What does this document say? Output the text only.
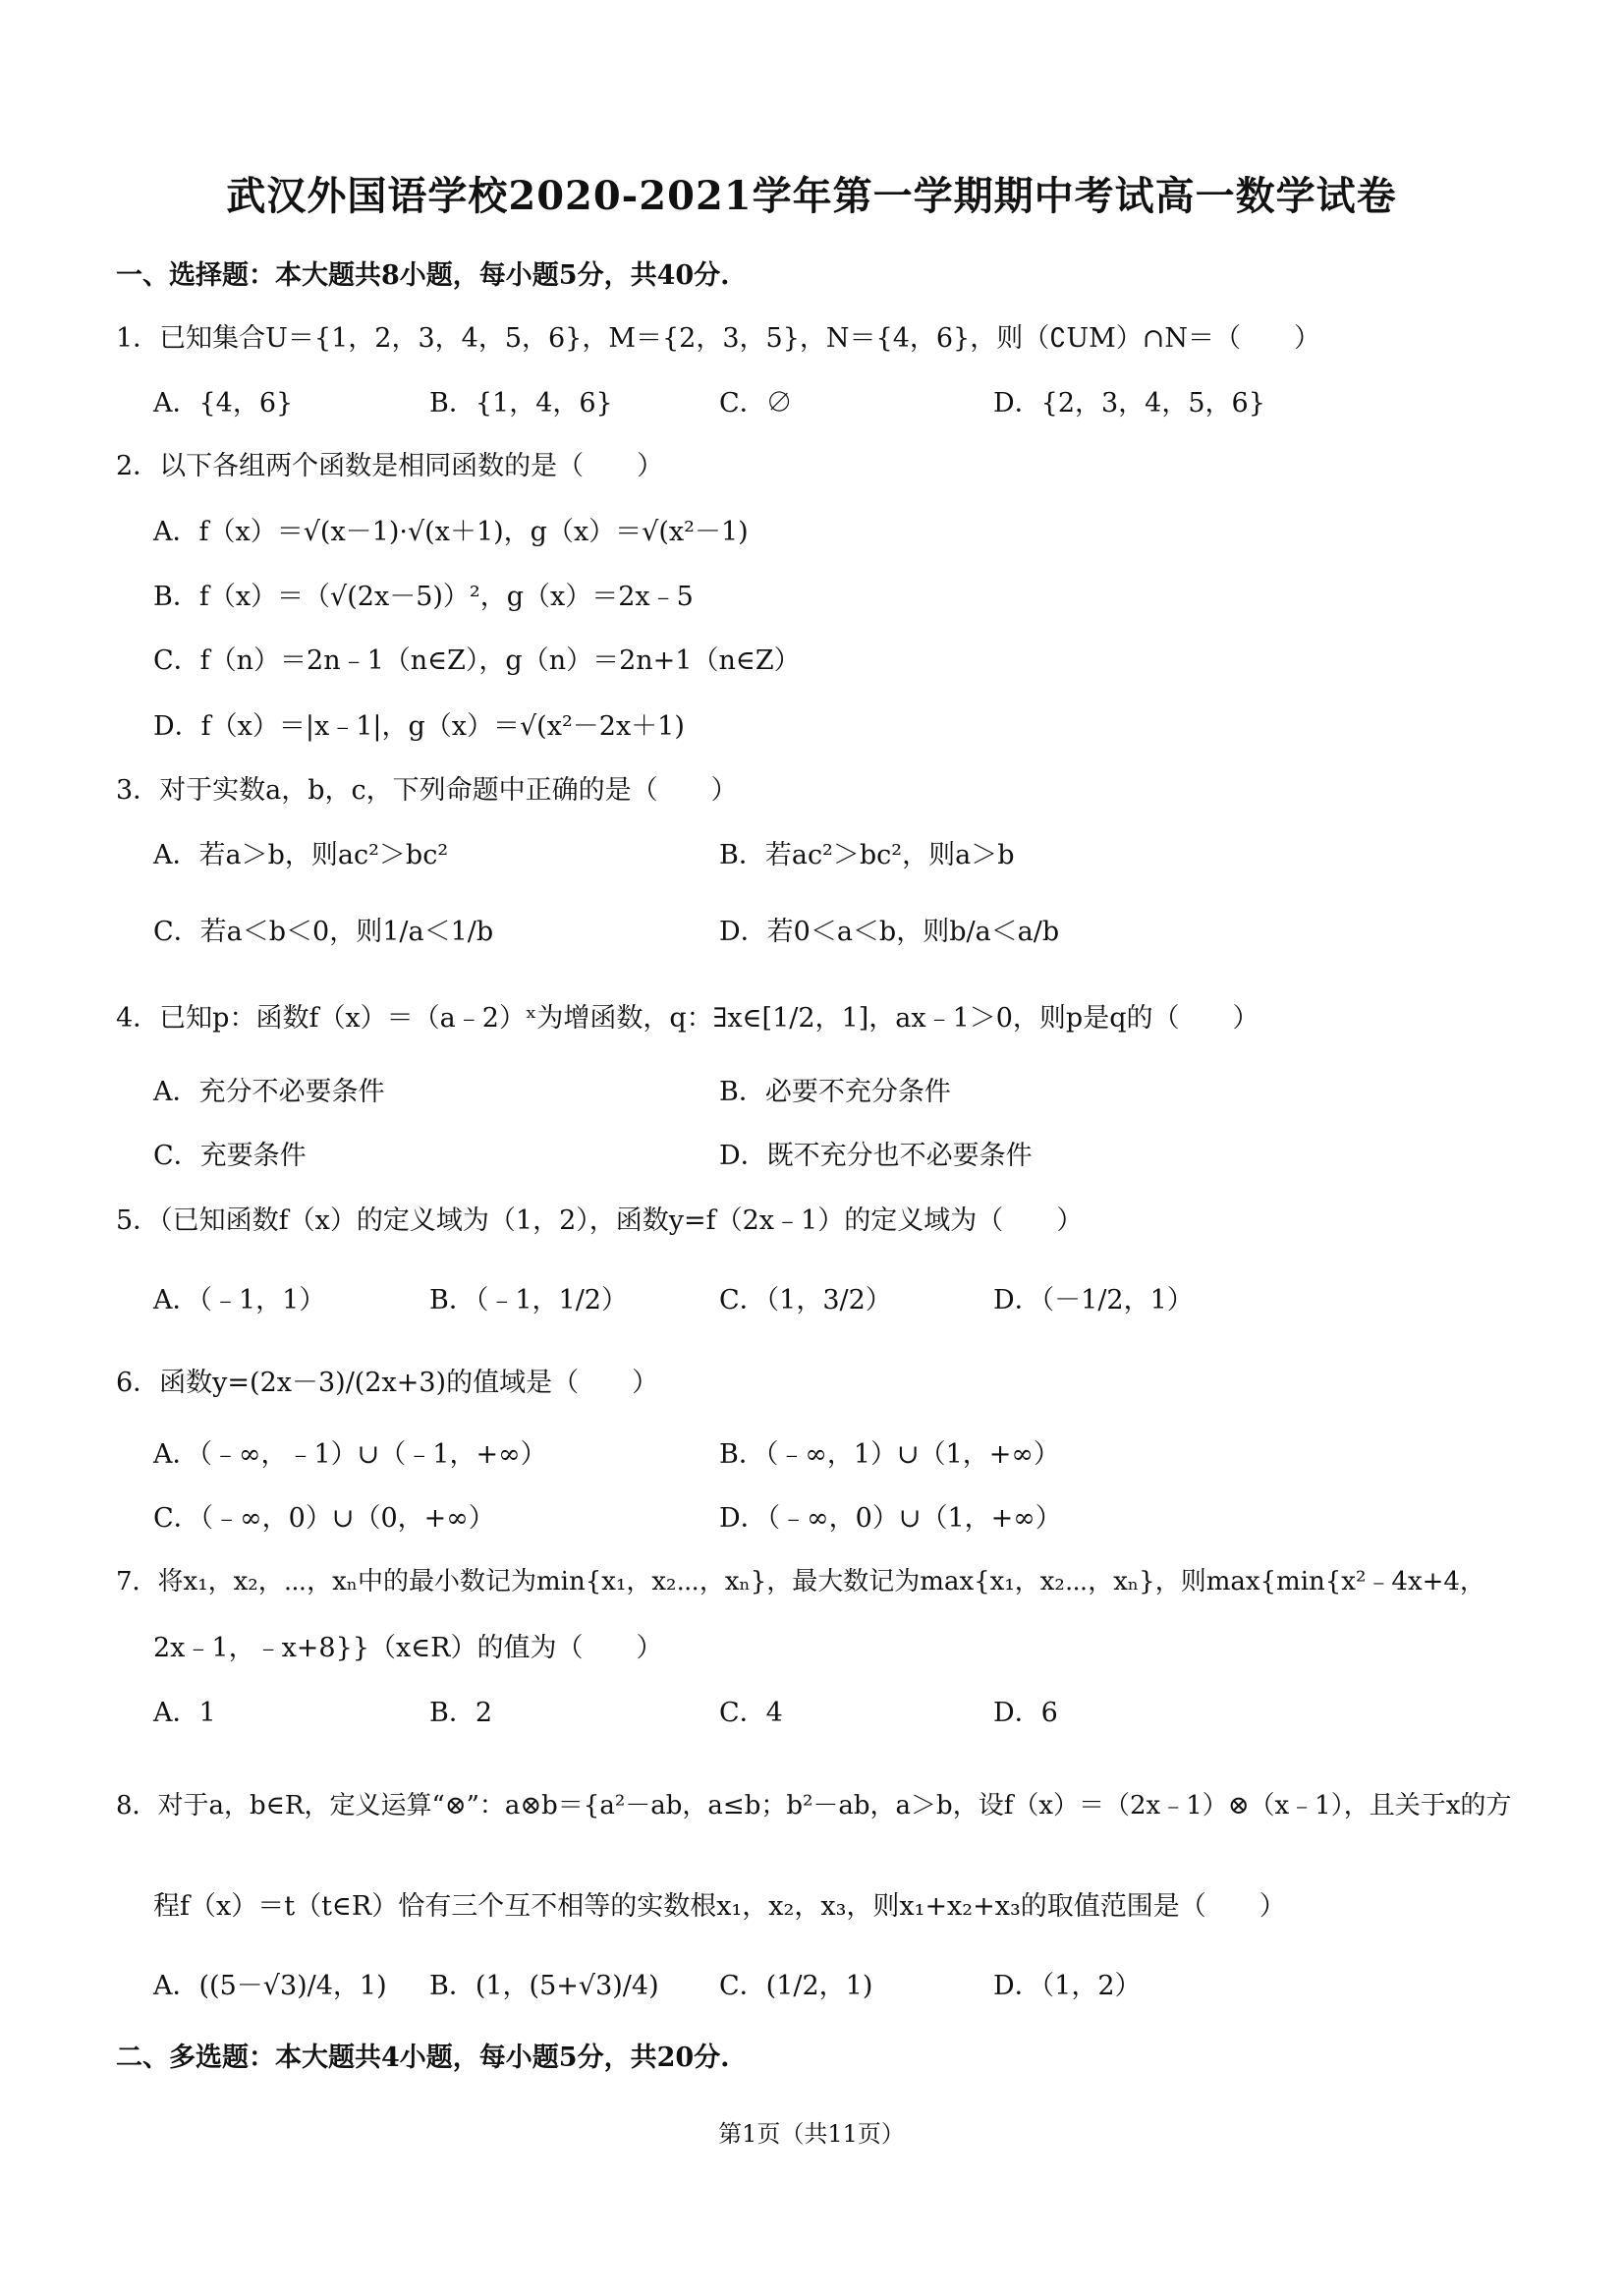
武汉外国语学校2020-2021学年第一学期期中考试高一数学试卷
一、选择题：本大题共8小题，每小题5分，共40分.
1．已知集合U＝{1，2，3，4，5，6}，M＝{2，3，5}，N＝{4，6}，则（∁UM）∩N＝（　　）
A．{4，6}	B．{1，4，6}	C．∅	D．{2，3，4，5，6}
2．以下各组两个函数是相同函数的是（　　）
A．f（x）＝√(x－1)·√(x＋1)，g（x）＝√(x²－1)
B．f（x）＝（√(2x－5)）²，g（x）＝2x﹣5
C．f（n）＝2n﹣1（n∈Z），g（n）＝2n+1（n∈Z）
D．f（x）＝|x﹣1|，g（x）＝√(x²－2x＋1)
3．对于实数a，b，c，下列命题中正确的是（　　）
A．若a＞b，则ac²＞bc²	B．若ac²＞bc²，则a＞b
C．若a＜b＜0，则1/a＜1/b	D．若0＜a＜b，则b/a＜a/b
4．已知p：函数f（x）＝（a﹣2）ˣ为增函数，q：∃x∈[1/2，1]，ax﹣1＞0，则p是q的（　　）
A．充分不必要条件	B．必要不充分条件
C．充要条件	D．既不充分也不必要条件
5．（已知函数f（x）的定义域为（1，2），函数y=f（2x﹣1）的定义域为（　　）
A．（﹣1，1）	B．（﹣1，1/2）	C．（1，3/2）	D．（－1/2，1）
6．函数y=(2x－3)/(2x+3)的值域是（　　）
A．（﹣∞，﹣1）∪（﹣1，+∞）	B．（﹣∞，1）∪（1，+∞）
C．（﹣∞，0）∪（0，+∞）	D．（﹣∞，0）∪（1，+∞）
7．将x₁，x₂，⋯，xₙ中的最小数记为min{x₁，x₂⋯，xₙ}，最大数记为max{x₁，x₂⋯，xₙ}，则max{min{x²﹣4x+4，
2x﹣1，﹣x+8}}（x∈R）的值为（　　）
A．1	B．2	C．4	D．6
8．对于a，b∈R，定义运算“⊗”：a⊗b＝{a²－ab，a≤b；b²－ab，a＞b，设f（x）＝（2x﹣1）⊗（x﹣1），且关于x的方
程f（x）＝t（t∈R）恰有三个互不相等的实数根x₁，x₂，x₃，则x₁+x₂+x₃的取值范围是（　　）
A．((5－√3)/4，1) B．(1，(5+√3)/4) C．(1/2，1)	D．（1，2）
二、多选题：本大题共4小题，每小题5分，共20分.
第1页（共11页）
